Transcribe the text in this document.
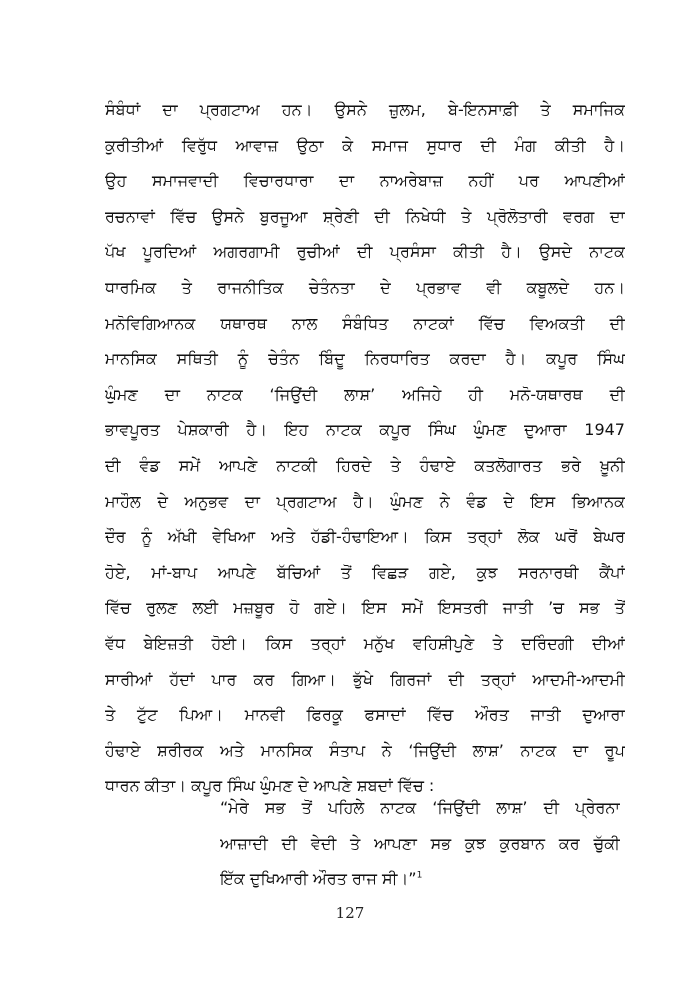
ਸੰਬੰਧਾਂ ਦਾ ਪ੍ਰਗਟਾਅ ਹਨ। ਉਸਨੇ ਜ਼ੁਲਮ, ਬੇ-ਇਨਸਾਫ਼ੀ ਤੇ ਸਮਾਜਿਕ
ਕੁਰੀਤੀਆਂ ਵਿਰੁੱਧ ਆਵਾਜ਼ ਉਠਾ ਕੇ ਸਮਾਜ ਸੁਧਾਰ ਦੀ ਮੰਗ ਕੀਤੀ ਹੈ।
ਉਹ ਸਮਾਜਵਾਦੀ ਵਿਚਾਰਧਾਰਾ ਦਾ ਨਾਅਰੇਬਾਜ਼ ਨਹੀਂ ਪਰ ਆਪਣੀਆਂ
ਰਚਨਾਵਾਂ ਵਿੱਚ ਉਸਨੇ ਬੁਰਜੂਆ ਸ਼੍ਰੇਣੀ ਦੀ ਨਿਖੇਧੀ ਤੇ ਪ੍ਰੋਲੋਤਾਰੀ ਵਰਗ ਦਾ
ਪੱਖ ਪੂਰਦਿਆਂ ਅਗਰਗਾਮੀ ਰੁਚੀਆਂ ਦੀ ਪ੍ਰਸੰਸਾ ਕੀਤੀ ਹੈ। ਉਸਦੇ ਨਾਟਕ
ਧਾਰਮਿਕ ਤੇ ਰਾਜਨੀਤਿਕ ਚੇਤੰਨਤਾ ਦੇ ਪ੍ਰਭਾਵ ਵੀ ਕਬੂਲਦੇ ਹਨ।
ਮਨੋਵਿਗਿਆਨਕ ਯਥਾਰਥ ਨਾਲ ਸੰਬੰਧਿਤ ਨਾਟਕਾਂ ਵਿੱਚ ਵਿਅਕਤੀ ਦੀ
ਮਾਨਸਿਕ ਸਥਿਤੀ ਨੂੰ ਚੇਤੰਨ ਬਿੰਦੂ ਨਿਰਧਾਰਿਤ ਕਰਦਾ ਹੈ। ਕਪੂਰ ਸਿੰਘ
ਘੁੰਮਣ ਦਾ ਨਾਟਕ ‘ਜਿਉਂਦੀ ਲਾਸ਼’ ਅਜਿਹੇ ਹੀ ਮਨੋ-ਯਥਾਰਥ ਦੀ
ਭਾਵਪੂਰਤ ਪੇਸ਼ਕਾਰੀ ਹੈ। ਇਹ ਨਾਟਕ ਕਪੂਰ ਸਿੰਘ ਘੁੰਮਣ ਦੁਆਰਾ 1947
ਦੀ ਵੰਡ ਸਮੇਂ ਆਪਣੇ ਨਾਟਕੀ ਹਿਰਦੇ ਤੇ ਹੰਢਾਏ ਕਤਲੋਗਾਰਤ ਭਰੇ ਖ਼ੂਨੀ
ਮਾਹੌਲ ਦੇ ਅਨੁਭਵ ਦਾ ਪ੍ਰਗਟਾਅ ਹੈ। ਘੁੰਮਣ ਨੇ ਵੰਡ ਦੇ ਇਸ ਭਿਆਨਕ
ਦੌਰ ਨੂੰ ਅੱਖੀ ਵੇਖਿਆ ਅਤੇ ਹੱਡੀ-ਹੰਢਾਇਆ। ਕਿਸ ਤਰ੍ਹਾਂ ਲੋਕ ਘਰੋਂ ਬੇਘਰ
ਹੋਏ, ਮਾਂ-ਬਾਪ ਆਪਣੇ ਬੱਚਿਆਂ ਤੋਂ ਵਿਛੜ ਗਏ, ਕੁਝ ਸਰਨਾਰਥੀ ਕੈਂਪਾਂ
ਵਿੱਚ ਰੁਲਣ ਲਈ ਮਜ਼ਬੂਰ ਹੋ ਗਏ। ਇਸ ਸਮੇਂ ਇਸਤਰੀ ਜਾਤੀ ’ਚ ਸਭ ਤੋਂ
ਵੱਧ ਬੇਇਜ਼ਤੀ ਹੋਈ। ਕਿਸ ਤਰ੍ਹਾਂ ਮਨੁੱਖ ਵਹਿਸ਼ੀਪੁਣੇ ਤੇ ਦਰਿੰਦਗੀ ਦੀਆਂ
ਸਾਰੀਆਂ ਹੱਦਾਂ ਪਾਰ ਕਰ ਗਿਆ। ਭੁੱਖੇ ਗਿਰਜਾਂ ਦੀ ਤਰ੍ਹਾਂ ਆਦਮੀ-ਆਦਮੀ
ਤੇ ਟੁੱਟ ਪਿਆ। ਮਾਨਵੀ ਫਿਰਕੂ ਫਸਾਦਾਂ ਵਿੱਚ ਔਰਤ ਜਾਤੀ ਦੁਆਰਾ
ਹੰਢਾਏ ਸ਼ਰੀਰਕ ਅਤੇ ਮਾਨਸਿਕ ਸੰਤਾਪ ਨੇ ‘ਜਿਉਂਦੀ ਲਾਸ਼’ ਨਾਟਕ ਦਾ ਰੂਪ
ਧਾਰਨ ਕੀਤਾ। ਕਪੂਰ ਸਿੰਘ ਘੁੰਮਣ ਦੇ ਆਪਣੇ ਸ਼ਬਦਾਂ ਵਿੱਚ :
“ਮੇਰੇ ਸਭ ਤੋਂ ਪਹਿਲੇ ਨਾਟਕ ‘ਜਿਉਂਦੀ ਲਾਸ਼’ ਦੀ ਪ੍ਰੇਰਨਾ
ਆਜ਼ਾਦੀ ਦੀ ਵੇਦੀ ਤੇ ਆਪਣਾ ਸਭ ਕੁਝ ਕੁਰਬਾਨ ਕਰ ਚੁੱਕੀ
ਇੱਕ ਦੁਖਿਆਰੀ ਔਰਤ ਰਾਜ ਸੀ।”$^1$
127
